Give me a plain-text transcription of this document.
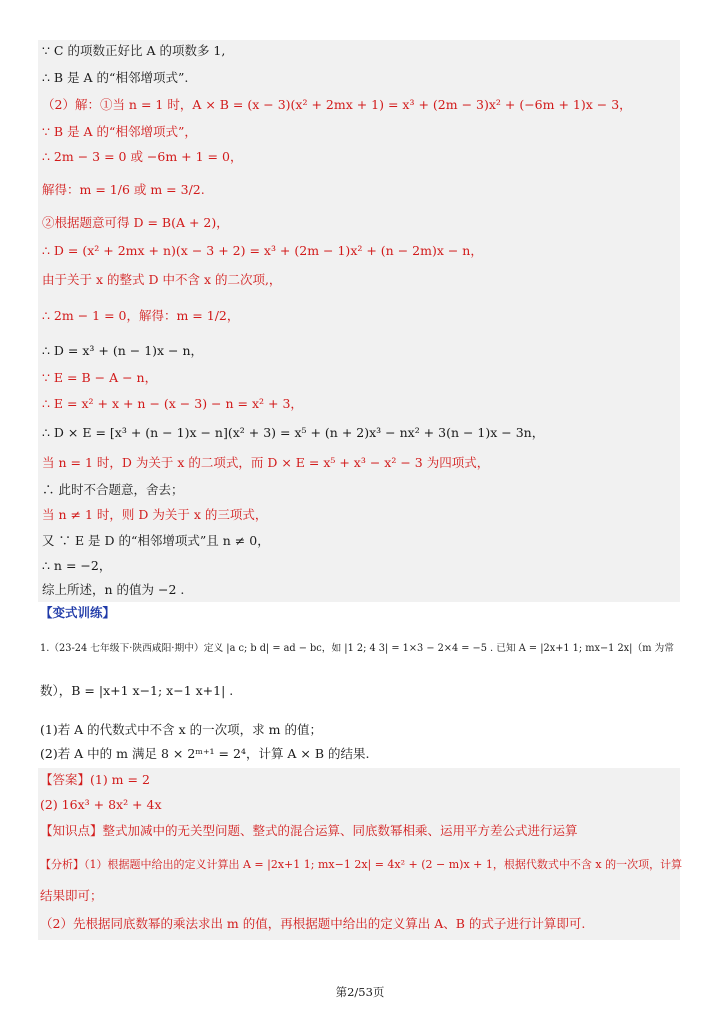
∵ C 的项数正好比 A 的项数多 1,
∴ B 是 A 的“相邻增项式”.
（2）解：①当 n = 1 时，A × B = (x − 3)(x² + 2mx + 1) = x³ + (2m − 3)x² + (−6m + 1)x − 3，
∵ B 是 A 的“相邻增项式”，
∴ 2m − 3 = 0 或 −6m + 1 = 0，
解得：m = 1/6 或 m = 3/2.
②根据题意可得 D = B(A + 2)，
∴ D = (x² + 2mx + n)(x − 3 + 2) = x³ + (2m − 1)x² + (n − 2m)x − n，
由于关于 x 的整式 D 中不含 x 的二次项,，
∴ 2m − 1 = 0，解得：m = 1/2，
∴ D = x³ + (n − 1)x − n，
∵ E = B − A − n，
∴ E = x² + x + n − (x − 3) − n = x² + 3，
∴ D × E = [x³ + (n − 1)x − n](x² + 3) = x⁵ + (n + 2)x³ − nx² + 3(n − 1)x − 3n，
当 n = 1 时，D 为关于 x 的二项式，而 D × E = x⁵ + x³ − x² − 3 为四项式，
∴ 此时不合题意，舍去；
当 n ≠ 1 时，则 D 为关于 x 的三项式，
又 ∵ E 是 D 的“相邻增项式”且 n ≠ 0，
∴ n = −2，
综上所述，n 的值为 −2 .
【变式训练】
1.（23-24 七年级下·陕西咸阳·期中）定义 |a c; b d| = ad − bc，如 |1 2; 4 3| = 1×3 − 2×4 = −5 . 已知 A = |2x+1 1; mx−1 2x|（m 为常
数），B = |x+1 x−1; x−1 x+1| .
(1)若 A 的代数式中不含 x 的一次项，求 m 的值；
(2)若 A 中的 m 满足 8 × 2ᵐ⁺¹ = 2⁴，计算 A × B 的结果.
【答案】(1) m = 2
(2) 16x³ + 8x² + 4x
【知识点】整式加减中的无关型问题、整式的混合运算、同底数幂相乘、运用平方差公式进行运算
【分析】（1）根据题中给出的定义计算出 A = |2x+1 1; mx−1 2x| = 4x² + (2 − m)x + 1，根据代数式中不含 x 的一次项，计算
结果即可；
（2）先根据同底数幂的乘法求出 m 的值，再根据题中给出的定义算出 A、B 的式子进行计算即可.
第2/53页
